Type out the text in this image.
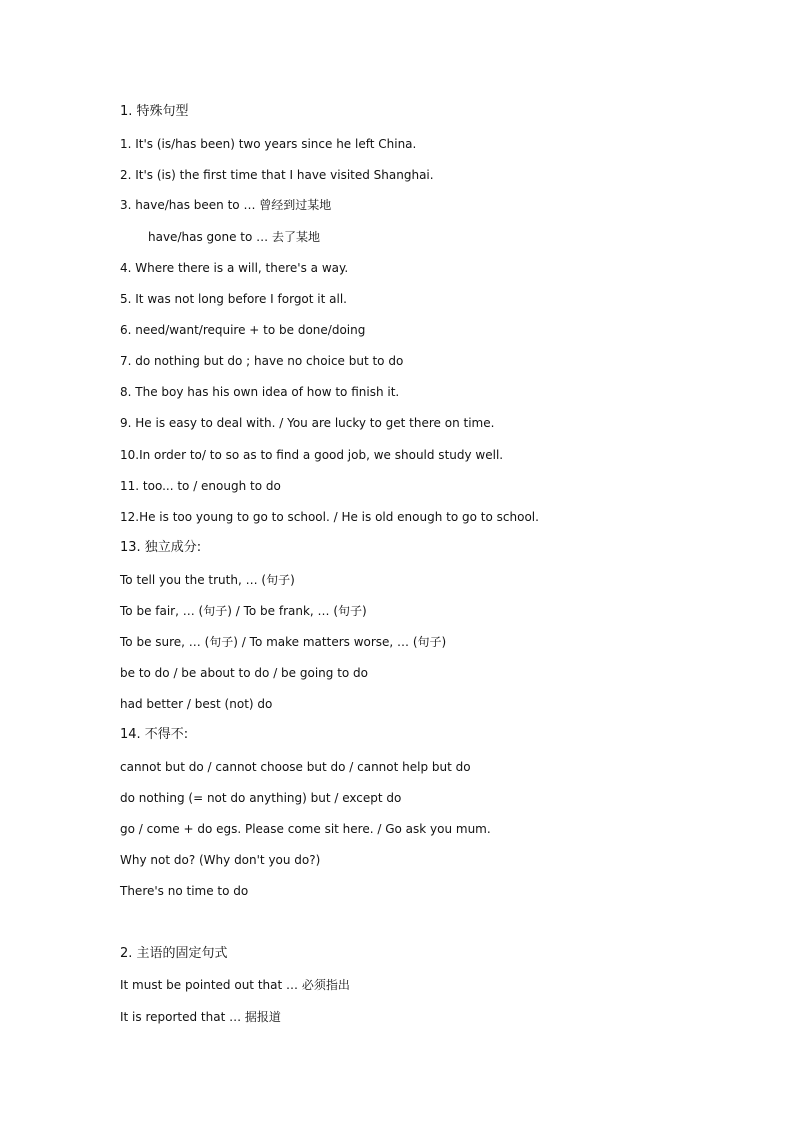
1. 特殊句型
1. It's (is/has been) two years since he left China.
2. It's (is) the first time that I have visited Shanghai.
3. have/has been to … 曾经到过某地
have/has gone to … 去了某地
4. Where there is a will, there's a way.
5. It was not long before I forgot it all.
6. need/want/require + to be done/doing
7. do nothing but do ; have no choice but to do
8. The boy has his own idea of how to finish it.
9. He is easy to deal with. / You are lucky to get there on time.
10.In order to/ to so as to find a good job, we should study well.
11. too... to / enough to do
12.He is too young to go to school. / He is old enough to go to school.
13. 独立成分:
To tell you the truth, … (句子)
To be fair, … (句子) / To be frank, … (句子)
To be sure, … (句子) / To make matters worse, … (句子)
be to do / be about to do / be going to do
had better / best (not) do
14. 不得不:
cannot but do / cannot choose but do / cannot help but do
do nothing (= not do anything) but / except do
go / come + do egs. Please come sit here. / Go ask you mum.
Why not do? (Why don't you do?)
There's no time to do
2. 主语的固定句式
It must be pointed out that … 必须指出
It is reported that … 据报道
